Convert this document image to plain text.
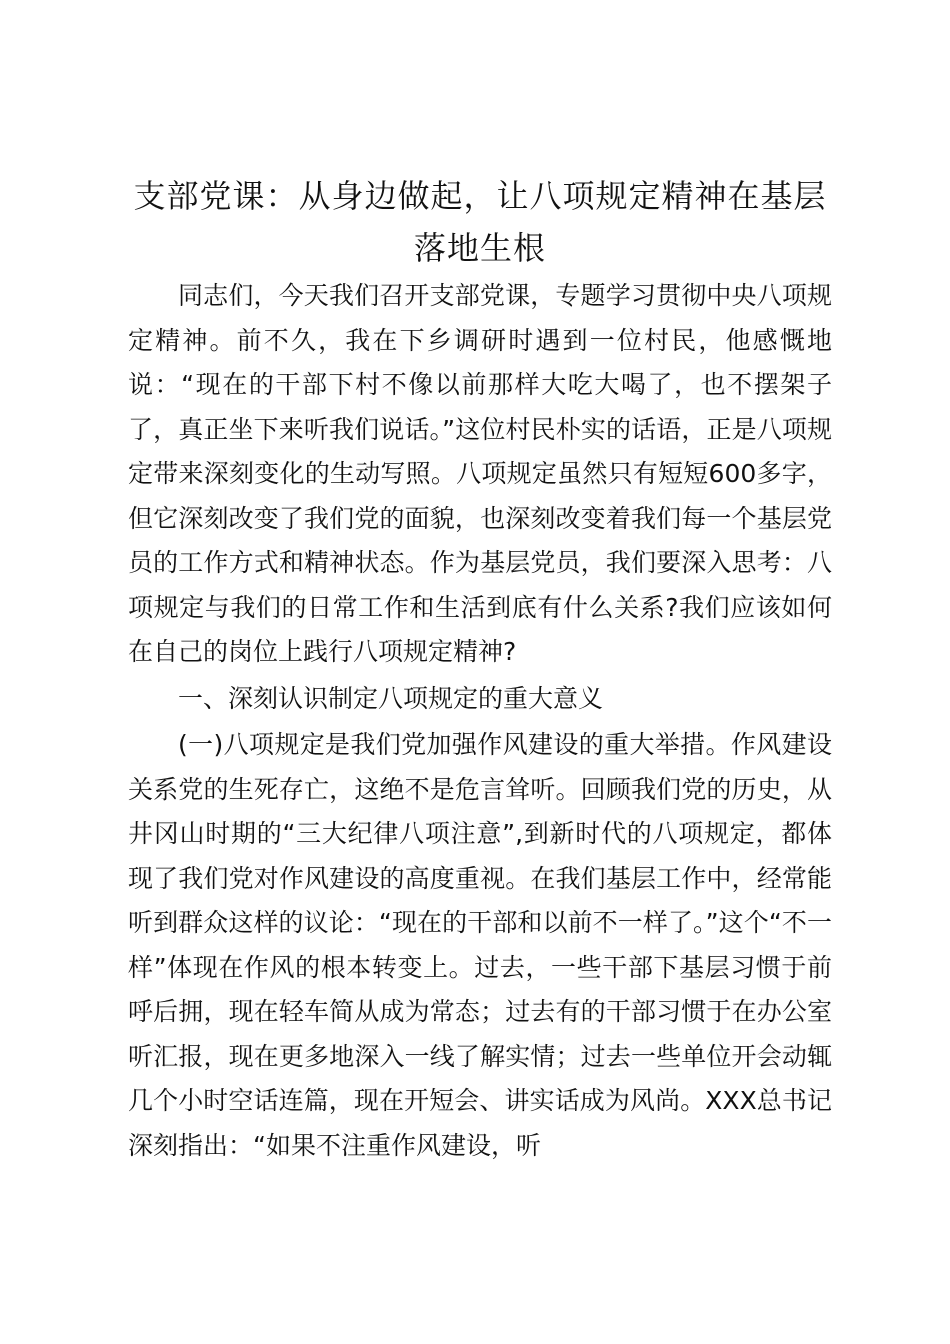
支部党课：从身边做起，让八项规定精神在基层落地生根

同志们，今天我们召开支部党课，专题学习贯彻中央八项规定精神。前不久，我在下乡调研时遇到一位村民，他感慨地说：“现在的干部下村不像以前那样大吃大喝了，也不摆架子了，真正坐下来听我们说话。”这位村民朴实的话语，正是八项规定带来深刻变化的生动写照。八项规定虽然只有短短600多字，但它深刻改变了我们党的面貌，也深刻改变着我们每一个基层党员的工作方式和精神状态。作为基层党员，我们要深入思考：八项规定与我们的日常工作和生活到底有什么关系?我们应该如何在自己的岗位上践行八项规定精神?

一、深刻认识制定八项规定的重大意义

(一)八项规定是我们党加强作风建设的重大举措。作风建设关系党的生死存亡，这绝不是危言耸听。回顾我们党的历史，从井冈山时期的“三大纪律八项注意”,到新时代的八项规定，都体现了我们党对作风建设的高度重视。在我们基层工作中，经常能听到群众这样的议论：“现在的干部和以前不一样了。”这个“不一样”体现在作风的根本转变上。过去，一些干部下基层习惯于前呼后拥，现在轻车简从成为常态；过去有的干部习惯于在办公室听汇报，现在更多地深入一线了解实情；过去一些单位开会动辄几个小时空话连篇，现在开短会、讲实话成为风尚。XXX总书记深刻指出：“如果不注重作风建设，听
